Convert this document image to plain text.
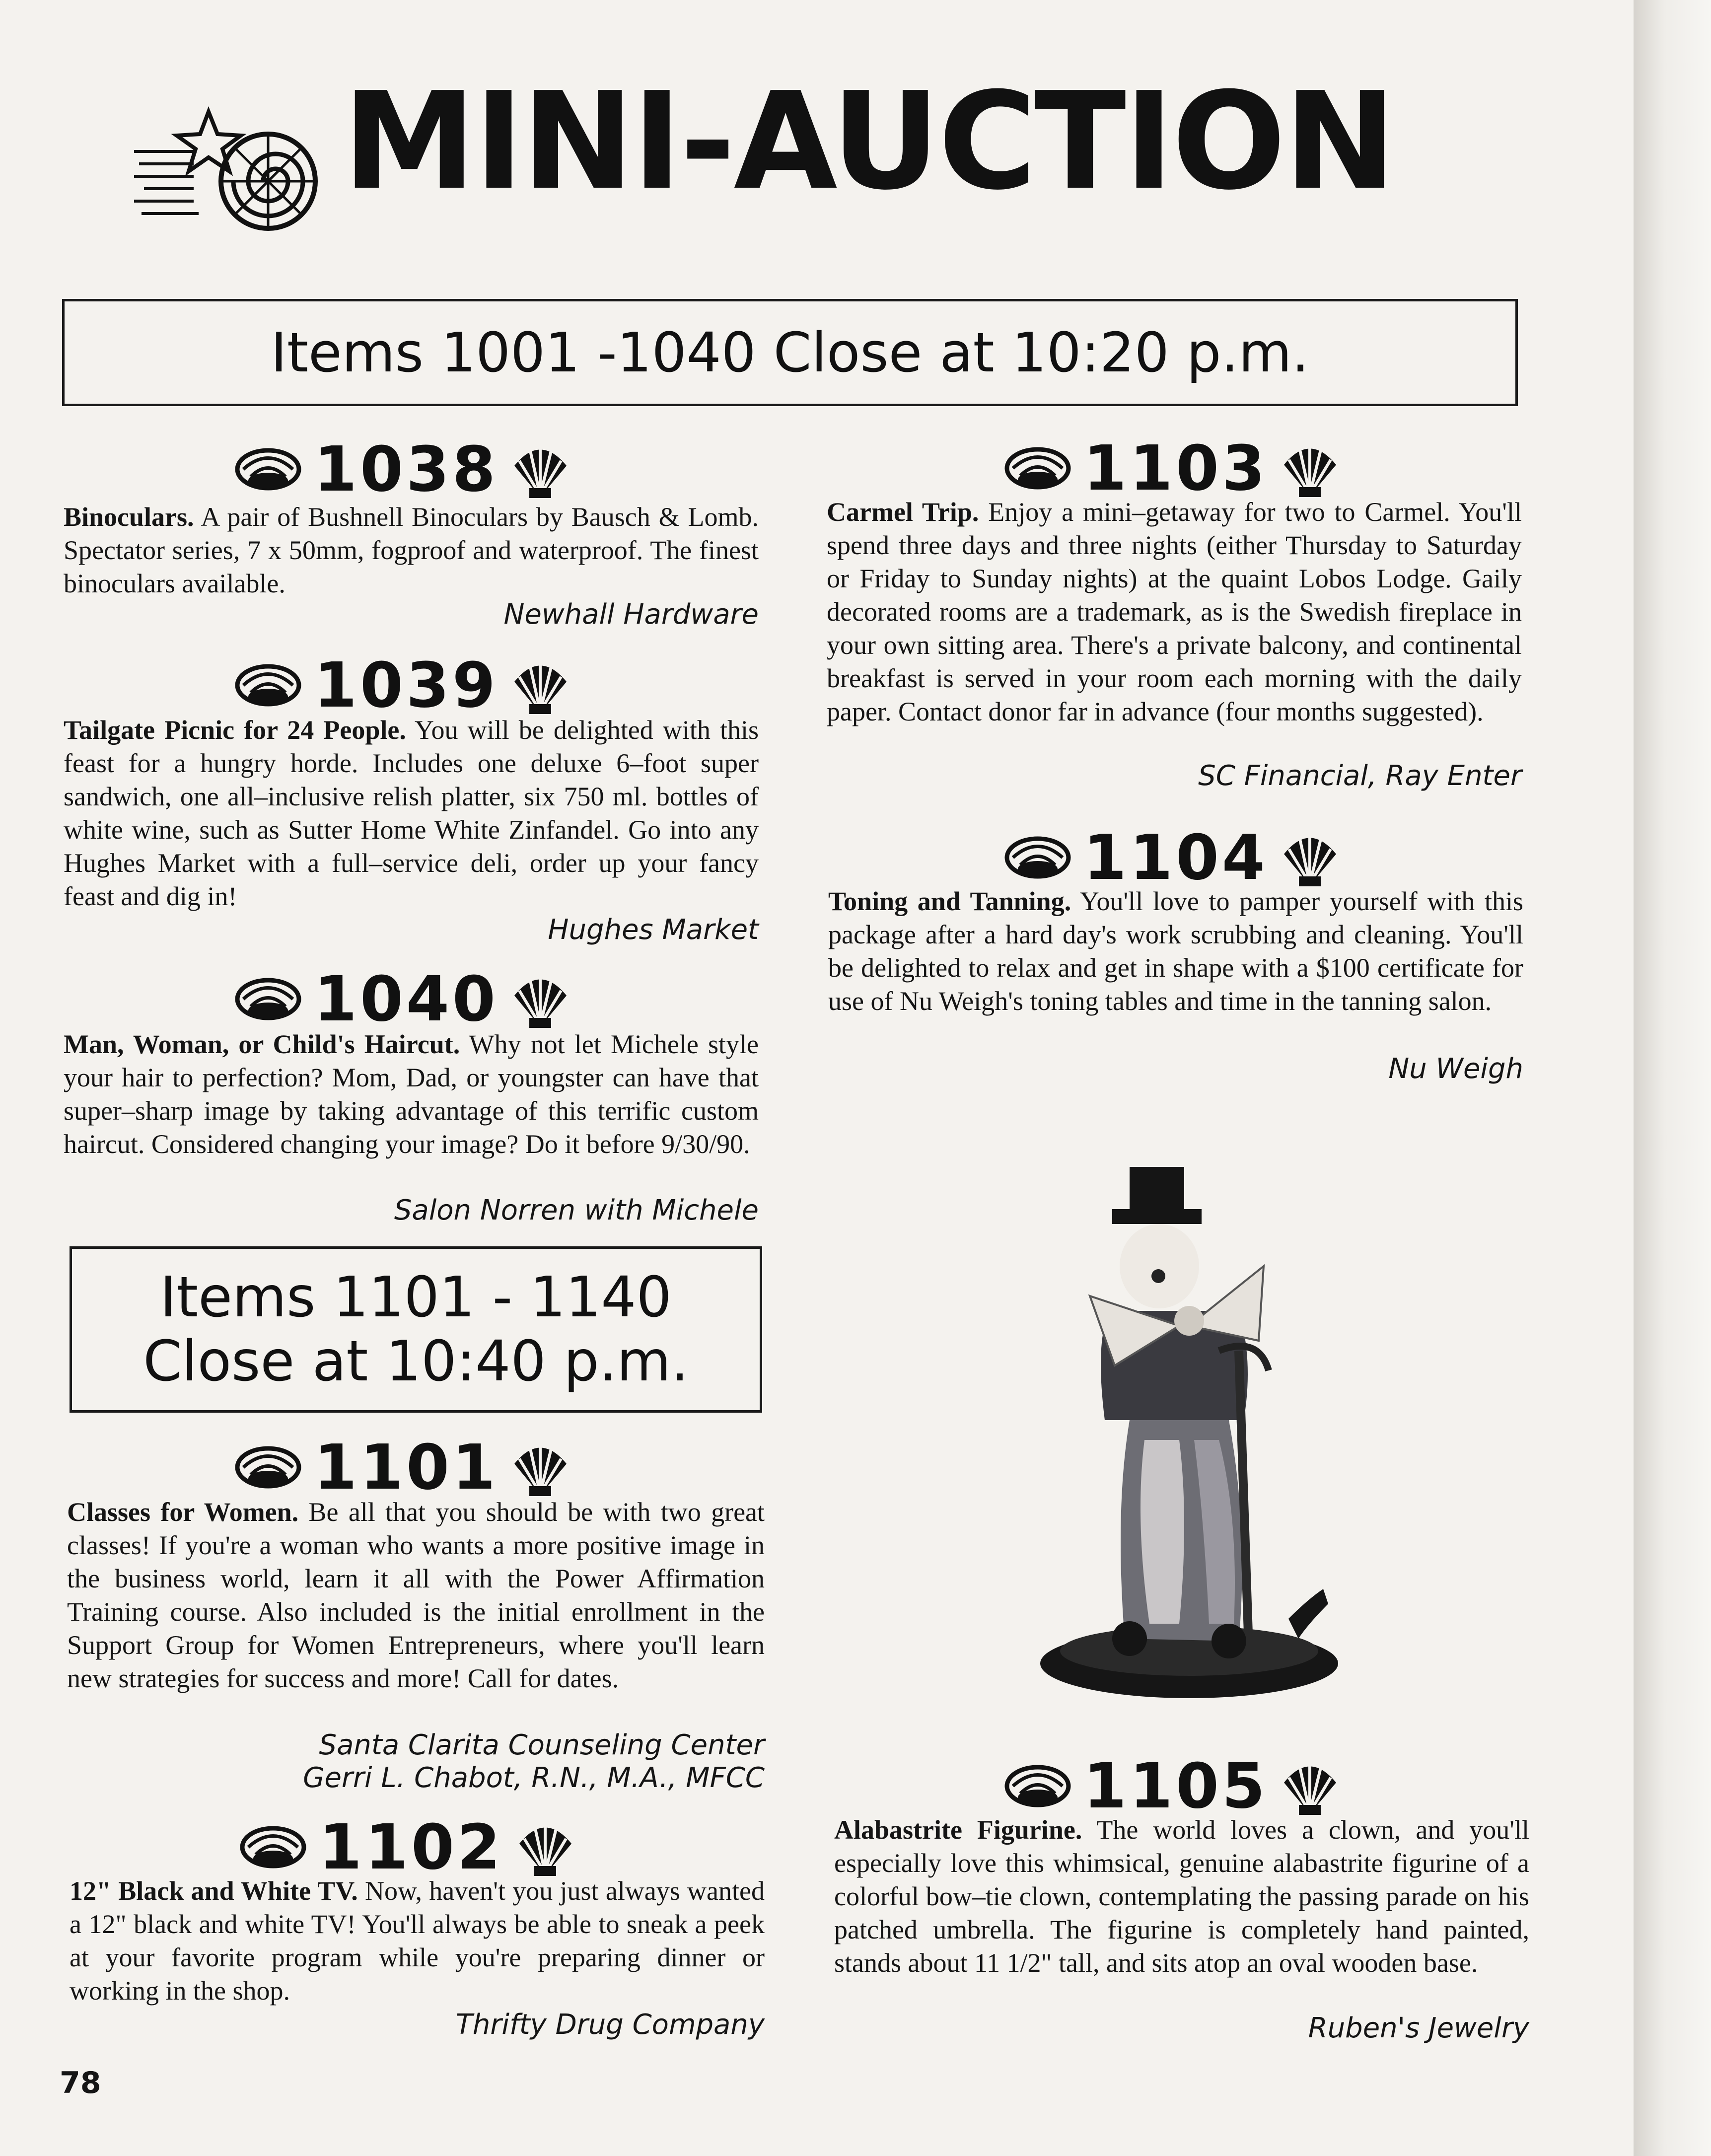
MINI-AUCTION
Items 1001 -1040 Close at 10:20 p.m.
1038

Binoculars. A pair of Bushnell Binoculars by Bausch & Lomb. Spectator series, 7 x 50mm, fogproof and waterproof. The finest binoculars available.

Newhall Hardware
1039

Tailgate Picnic for 24 People. You will be delighted with this feast for a hungry horde. Includes one deluxe 6–foot super sandwich, one all–inclusive relish platter, six 750 ml. bottles of white wine, such as Sutter Home White Zinfandel. Go into any Hughes Market with a full–service deli, order up your fancy feast and dig in!

Hughes Market
1040

Man, Woman, or Child's Haircut. Why not let Michele style your hair to perfection? Mom, Dad, or youngster can have that super–sharp image by taking advantage of this terrific custom haircut. Considered changing your image? Do it before 9/30/90.

Salon Norren with Michele
Items 1101 - 1140
Close at 10:40 p.m.
1101

Classes for Women. Be all that you should be with two great classes! If you're a woman who wants a more positive image in the business world, learn it all with the Power Affirmation Training course. Also included is the initial enrollment in the Support Group for Women Entrepreneurs, where you'll learn new strategies for success and more! Call for dates.

Santa Clarita Counseling Center
Gerri L. Chabot, R.N., M.A., MFCC
1102

12" Black and White TV. Now, haven't you just always wanted a 12" black and white TV! You'll always be able to sneak a peek at your favorite program while you're preparing dinner or working in the shop.

Thrifty Drug Company
78
1103

Carmel Trip. Enjoy a mini–getaway for two to Carmel. You'll spend three days and three nights (either Thursday to Saturday or Friday to Sunday nights) at the quaint Lobos Lodge. Gaily decorated rooms are a trademark, as is the Swedish fireplace in your own sitting area. There's a private balcony, and continental breakfast is served in your room each morning with the daily paper. Contact donor far in advance (four months suggested).

SC Financial, Ray Enter
1104

Toning and Tanning. You'll love to pamper yourself with this package after a hard day's work scrubbing and cleaning. You'll be delighted to relax and get in shape with a $100 certificate for use of Nu Weigh's toning tables and time in the tanning salon.

Nu Weigh
1105

Alabastrite Figurine. The world loves a clown, and you'll especially love this whimsical, genuine alabastrite figurine of a colorful bow–tie clown, contemplating the passing parade on his patched umbrella. The figurine is completely hand painted, stands about 11 1/2" tall, and sits atop an oval wooden base.

Ruben's Jewelry
